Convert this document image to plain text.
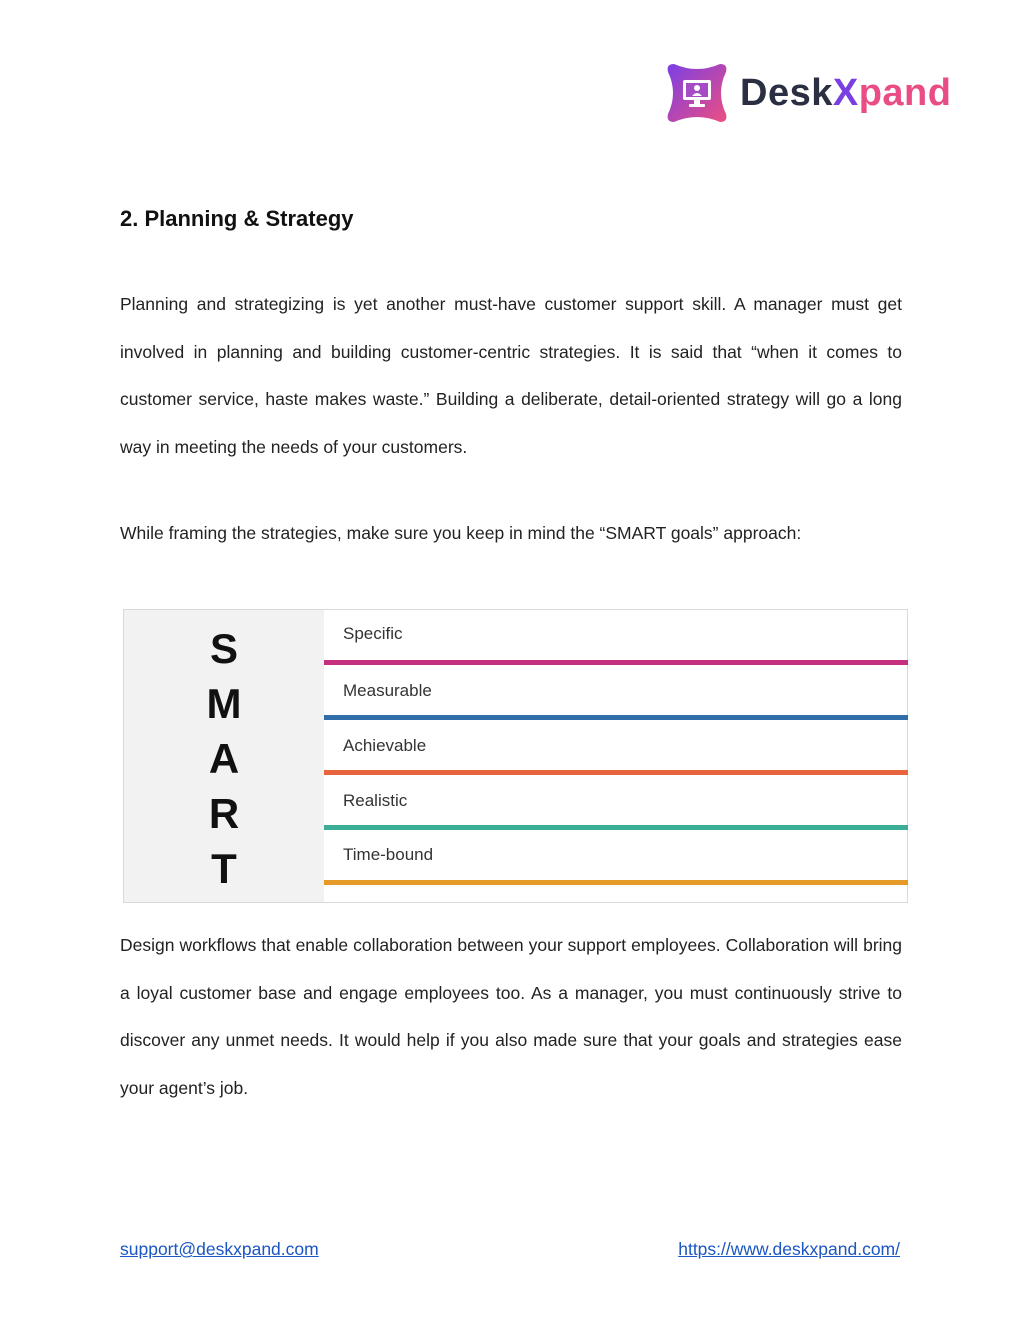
DeskXpand
2. Planning & Strategy

Planning and strategizing is yet another must-have customer support skill. A manager must get involved in planning and building customer-centric strategies. It is said that “when it comes to customer service, haste makes waste.” Building a deliberate, detail-oriented strategy will go a long way in meeting the needs of your customers.

While framing the strategies, make sure you keep in mind the “SMART goals” approach:

S	Specific
M	Measurable
A	Achievable
R	Realistic
T	Time-bound

Design workflows that enable collaboration between your support employees. Collaboration will bring a loyal customer base and engage employees too. As a manager, you must continuously strive to discover any unmet needs. It would help if you also made sure that your goals and strategies ease your agent’s job.

support@deskxpand.com	https://www.deskxpand.com/
